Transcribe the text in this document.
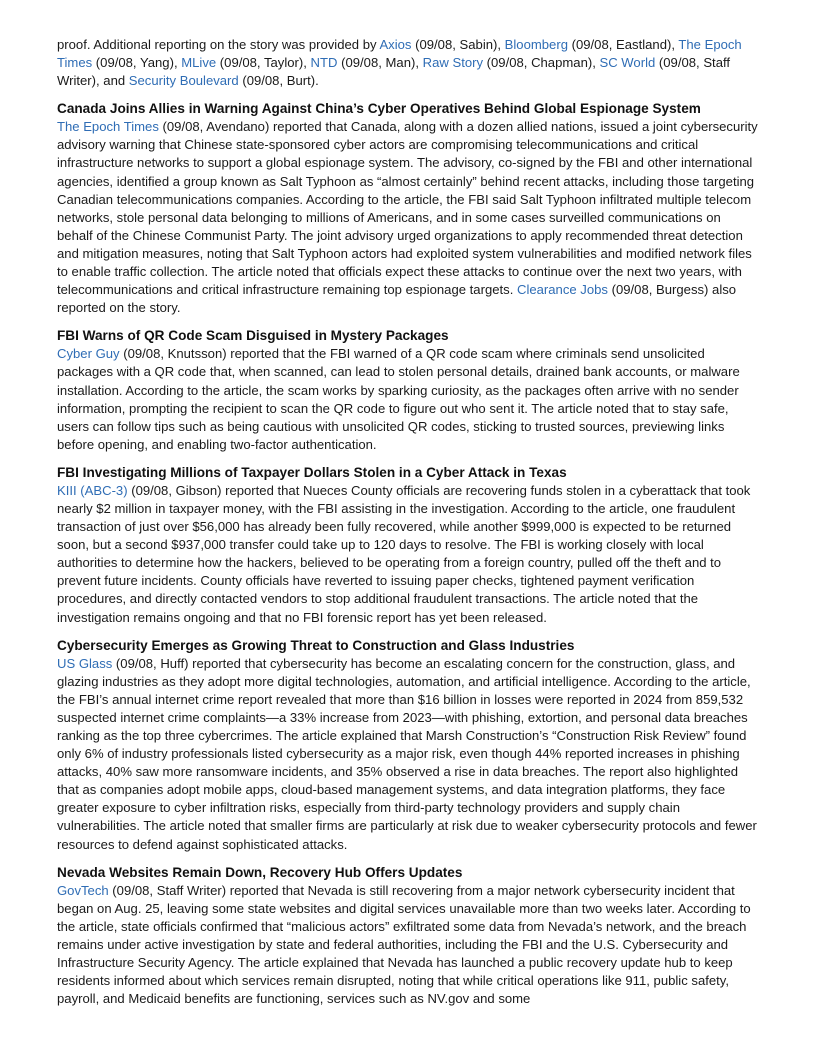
proof. Additional reporting on the story was provided by Axios (09/08, Sabin), Bloomberg (09/08, Eastland), The Epoch Times (09/08, Yang), MLive (09/08, Taylor), NTD (09/08, Man), Raw Story (09/08, Chapman), SC World (09/08, Staff Writer), and Security Boulevard (09/08, Burt).

Canada Joins Allies in Warning Against China’s Cyber Operatives Behind Global Espionage System

The Epoch Times (09/08, Avendano) reported that Canada, along with a dozen allied nations, issued a joint cybersecurity advisory warning that Chinese state-sponsored cyber actors are compromising telecommunications and critical infrastructure networks to support a global espionage system. The advisory, co-signed by the FBI and other international agencies, identified a group known as Salt Typhoon as “almost certainly” behind recent attacks, including those targeting Canadian telecommunications companies. According to the article, the FBI said Salt Typhoon infiltrated multiple telecom networks, stole personal data belonging to millions of Americans, and in some cases surveilled communications on behalf of the Chinese Communist Party. The joint advisory urged organizations to apply recommended threat detection and mitigation measures, noting that Salt Typhoon actors had exploited system vulnerabilities and modified network files to enable traffic collection. The article noted that officials expect these attacks to continue over the next two years, with telecommunications and critical infrastructure remaining top espionage targets. Clearance Jobs (09/08, Burgess) also reported on the story.

FBI Warns of QR Code Scam Disguised in Mystery Packages

Cyber Guy (09/08, Knutsson) reported that the FBI warned of a QR code scam where criminals send unsolicited packages with a QR code that, when scanned, can lead to stolen personal details, drained bank accounts, or malware installation. According to the article, the scam works by sparking curiosity, as the packages often arrive with no sender information, prompting the recipient to scan the QR code to figure out who sent it. The article noted that to stay safe, users can follow tips such as being cautious with unsolicited QR codes, sticking to trusted sources, previewing links before opening, and enabling two-factor authentication.

FBI Investigating Millions of Taxpayer Dollars Stolen in a Cyber Attack in Texas

KIII (ABC-3) (09/08, Gibson) reported that Nueces County officials are recovering funds stolen in a cyberattack that took nearly $2 million in taxpayer money, with the FBI assisting in the investigation. According to the article, one fraudulent transaction of just over $56,000 has already been fully recovered, while another $999,000 is expected to be returned soon, but a second $937,000 transfer could take up to 120 days to resolve. The FBI is working closely with local authorities to determine how the hackers, believed to be operating from a foreign country, pulled off the theft and to prevent future incidents. County officials have reverted to issuing paper checks, tightened payment verification procedures, and directly contacted vendors to stop additional fraudulent transactions. The article noted that the investigation remains ongoing and that no FBI forensic report has yet been released.

Cybersecurity Emerges as Growing Threat to Construction and Glass Industries

US Glass (09/08, Huff) reported that cybersecurity has become an escalating concern for the construction, glass, and glazing industries as they adopt more digital technologies, automation, and artificial intelligence. According to the article, the FBI’s annual internet crime report revealed that more than $16 billion in losses were reported in 2024 from 859,532 suspected internet crime complaints—a 33% increase from 2023—with phishing, extortion, and personal data breaches ranking as the top three cybercrimes. The article explained that Marsh Construction’s “Construction Risk Review” found only 6% of industry professionals listed cybersecurity as a major risk, even though 44% reported increases in phishing attacks, 40% saw more ransomware incidents, and 35% observed a rise in data breaches. The report also highlighted that as companies adopt mobile apps, cloud-based management systems, and data integration platforms, they face greater exposure to cyber infiltration risks, especially from third-party technology providers and supply chain vulnerabilities. The article noted that smaller firms are particularly at risk due to weaker cybersecurity protocols and fewer resources to defend against sophisticated attacks.

Nevada Websites Remain Down, Recovery Hub Offers Updates

GovTech (09/08, Staff Writer) reported that Nevada is still recovering from a major network cybersecurity incident that began on Aug. 25, leaving some state websites and digital services unavailable more than two weeks later. According to the article, state officials confirmed that “malicious actors” exfiltrated some data from Nevada’s network, and the breach remains under active investigation by state and federal authorities, including the FBI and the U.S. Cybersecurity and Infrastructure Security Agency. The article explained that Nevada has launched a public recovery update hub to keep residents informed about which services remain disrupted, noting that while critical operations like 911, public safety, payroll, and Medicaid benefits are functioning, services such as NV.gov and some
